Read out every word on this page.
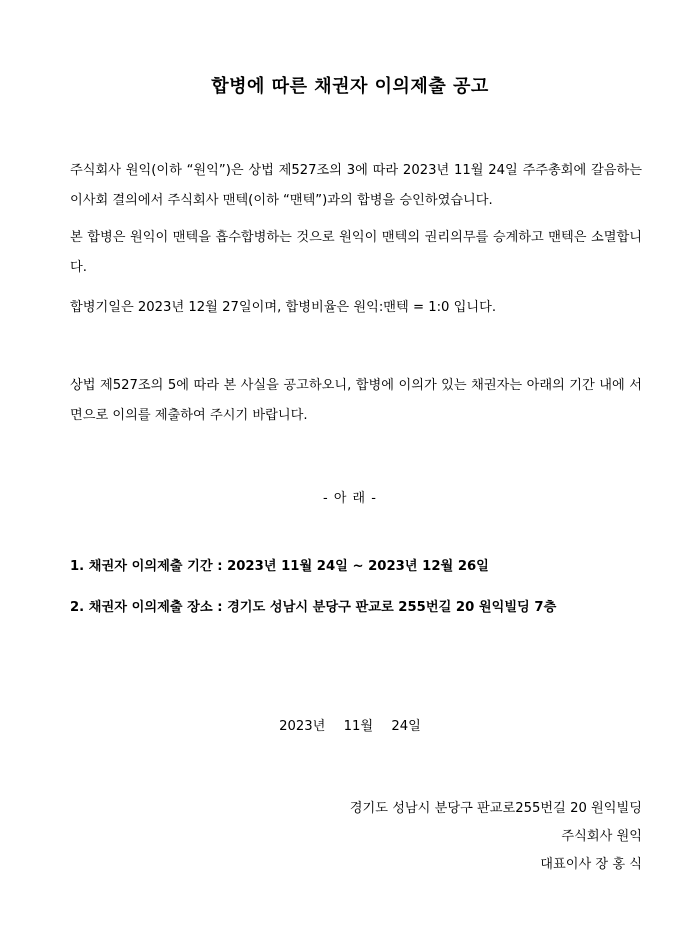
합병에 따른 채권자 이의제출 공고
주식회사 원익(이하 “원익”)은 상법 제527조의 3에 따라 2023년 11월 24일 주주총회에 갈음하는 이사회 결의에서 주식회사 맨텍(이하 “맨텍”)과의 합병을 승인하였습니다.
본 합병은 원익이 맨텍을 흡수합병하는 것으로 원익이 맨텍의 권리의무를 승계하고 맨텍은 소멸합니다.
합병기일은 2023년 12월 27일이며, 합병비율은 원익:맨텍 = 1:0 입니다.
상법 제527조의 5에 따라 본 사실을 공고하오니, 합병에 이의가 있는 채권자는 아래의 기간 내에 서면으로 이의를 제출하여 주시기 바랍니다.
- 아 래 -
1. 채권자 이의제출 기간 : 2023년 11월 24일 ~ 2023년 12월 26일
2. 채권자 이의제출 장소 : 경기도 성남시 분당구 판교로 255번길 20 원익빌딩 7층
2023년 11월 24일
경기도 성남시 분당구 판교로255번길 20 원익빌딩
주식회사 원익
대표이사 장 홍 식
